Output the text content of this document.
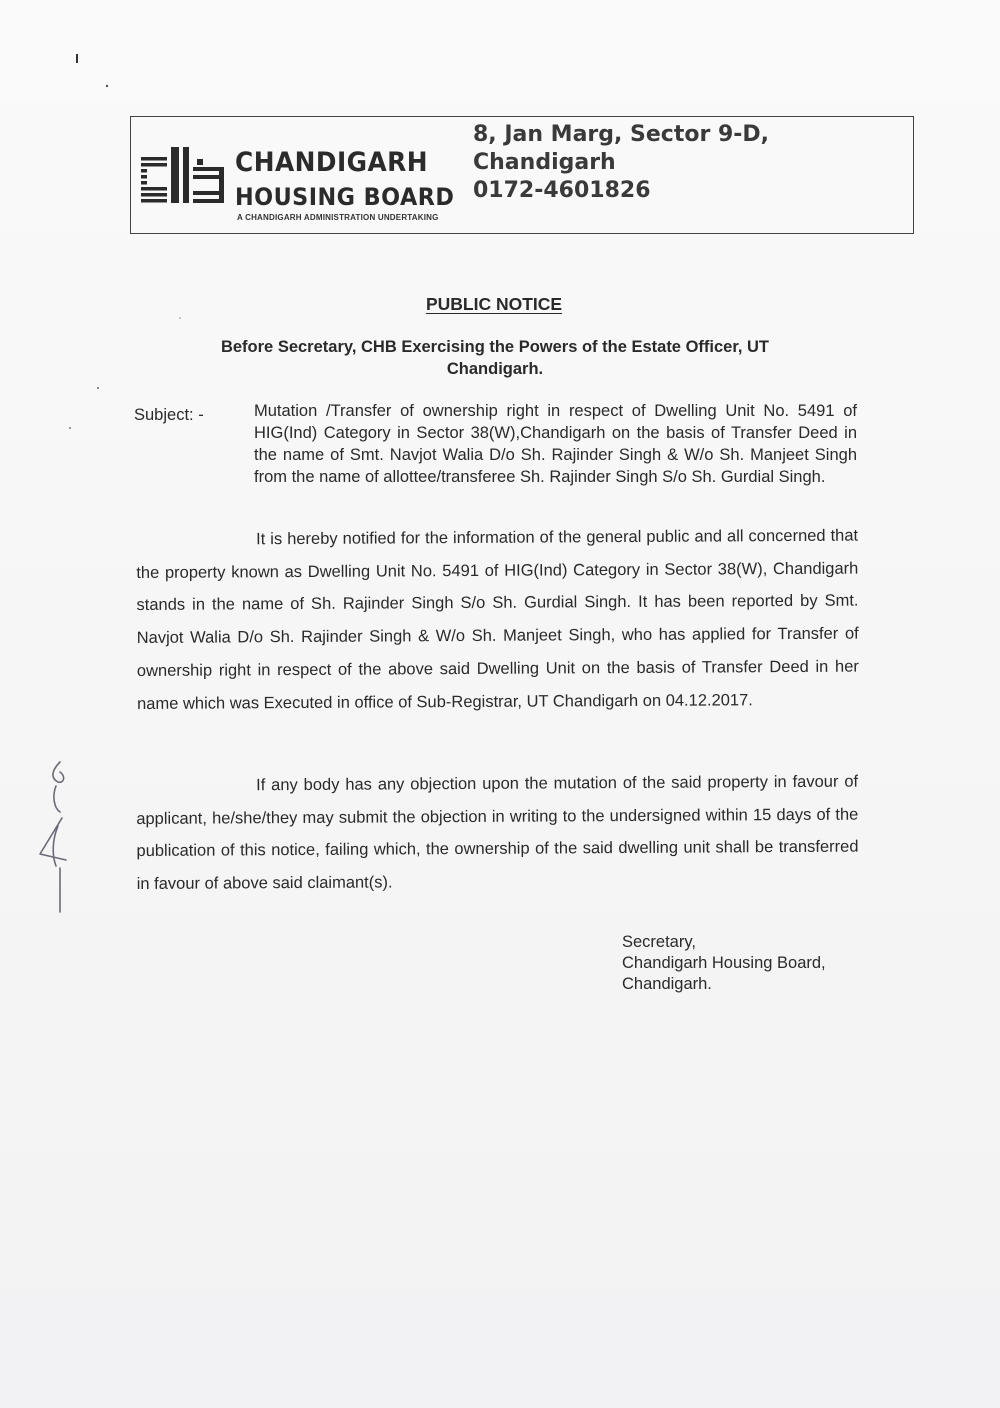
CHANDIGARH
HOUSING BOARD
A CHANDIGARH ADMINISTRATION UNDERTAKING
8, Jan Marg, Sector 9-D,
Chandigarh
0172-4601826
PUBLIC NOTICE
Before Secretary, CHB Exercising the Powers of the Estate Officer, UT Chandigarh.
Subject: -	Mutation /Transfer of ownership right in respect of Dwelling Unit No. 5491 of HIG(Ind) Category in Sector 38(W),Chandigarh on the basis of Transfer Deed in the name of Smt. Navjot Walia D/o Sh. Rajinder Singh & W/o Sh. Manjeet Singh from the name of allottee/transferee Sh. Rajinder Singh S/o Sh. Gurdial Singh.
It is hereby notified for the information of the general public and all concerned that the property known as Dwelling Unit No. 5491 of HIG(Ind) Category in Sector 38(W), Chandigarh stands in the name of Sh. Rajinder Singh S/o Sh. Gurdial Singh. It has been reported by Smt. Navjot Walia D/o Sh. Rajinder Singh & W/o Sh. Manjeet Singh, who has applied for Transfer of ownership right in respect of the above said Dwelling Unit on the basis of Transfer Deed in her name which was Executed in office of Sub-Registrar, UT Chandigarh on 04.12.2017.
If any body has any objection upon the mutation of the said property in favour of applicant, he/she/they may submit the objection in writing to the undersigned within 15 days of the publication of this notice, failing which, the ownership of the said dwelling unit shall be transferred in favour of above said claimant(s).
Secretary,
Chandigarh Housing Board,
Chandigarh.
